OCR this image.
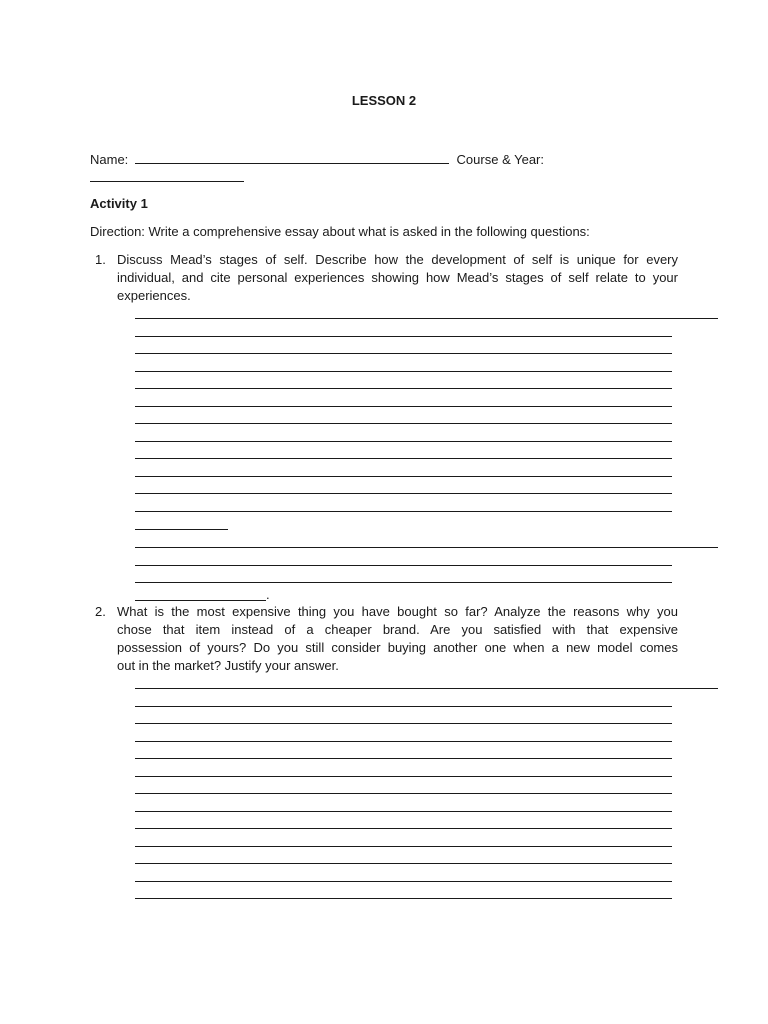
LESSON 2
Name:	Course & Year:
Activity 1
Direction: Write a comprehensive essay about what is asked in the following questions:
1. Discuss Mead’s stages of self. Describe how the development of self is unique for every
individual, and cite personal experiences showing how Mead’s stages of self relate to your
experiences.
.
2. What is the most expensive thing you have bought so far? Analyze the reasons why you
chose that item instead of a cheaper brand. Are you satisfied with that expensive
possession of yours? Do you still consider buying another one when a new model comes
out in the market? Justify your answer.
